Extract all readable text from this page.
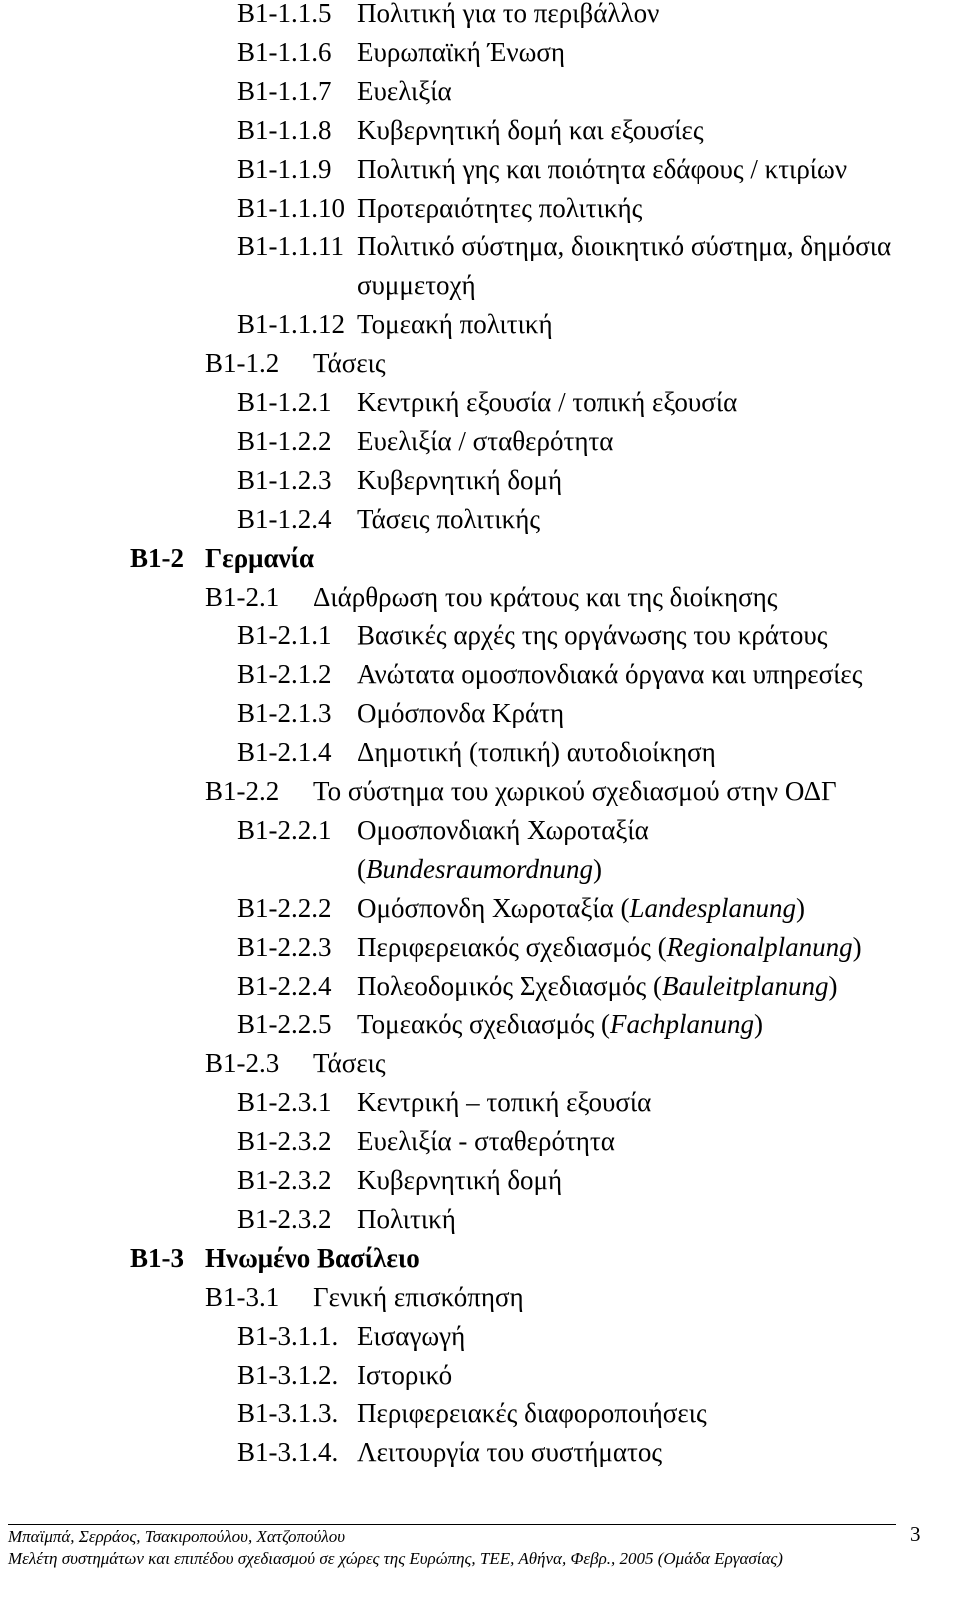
B1-1.1.5 Πολιτική για το περιβάλλον
B1-1.1.6 Ευρωπαϊκή Ένωση
B1-1.1.7 Ευελιξία
B1-1.1.8 Κυβερνητική δομή και εξουσίες
B1-1.1.9 Πολιτική γης και ποιότητα εδάφους / κτιρίων
B1-1.1.10 Προτεραιότητες πολιτικής
B1-1.1.11 Πολιτικό σύστημα, διοικητικό σύστημα, δημόσια
συμμετοχή
B1-1.1.12 Τομεακή πολιτική
B1-1.2 Τάσεις
B1-1.2.1 Κεντρική εξουσία / τοπική εξουσία
B1-1.2.2 Ευελιξία / σταθερότητα
B1-1.2.3 Κυβερνητική δομή
B1-1.2.4 Τάσεις πολιτικής
B1-2 Γερμανία
B1-2.1 Διάρθρωση του κράτους και της διοίκησης
B1-2.1.1 Βασικές αρχές της οργάνωσης του κράτους
B1-2.1.2 Ανώτατα ομοσπονδιακά όργανα και υπηρεσίες
B1-2.1.3 Ομόσπονδα Κράτη
B1-2.1.4 Δημοτική (τοπική) αυτοδιοίκηση
B1-2.2 Το σύστημα του χωρικού σχεδιασμού στην ΟΔΓ
B1-2.2.1 Ομοσπονδιακή Χωροταξία
(Bundesraumordnung)
B1-2.2.2 Ομόσπονδη Χωροταξία (Landesplanung)
B1-2.2.3 Περιφερειακός σχεδιασμός (Regionalplanung)
B1-2.2.4 Πολεοδομικός Σχεδιασμός (Bauleitplanung)
B1-2.2.5 Τομεακός σχεδιασμός (Fachplanung)
B1-2.3 Τάσεις
B1-2.3.1 Κεντρική – τοπική εξουσία
B1-2.3.2 Ευελιξία - σταθερότητα
B1-2.3.2 Κυβερνητική δομή
B1-2.3.2 Πολιτική
B1-3 Ηνωμένο Βασίλειο
B1-3.1 Γενική επισκόπηση
B1-3.1.1. Εισαγωγή
B1-3.1.2. Ιστορικό
B1-3.1.3. Περιφερειακές διαφοροποιήσεις
B1-3.1.4. Λειτουργία του συστήματος
Μπαϊμπά, Σερράος, Τσακιροπούλου, Χατζοπούλου
Μελέτη συστημάτων και επιπέδου σχεδιασμού σε χώρες της Ευρώπης, ΤΕΕ, Αθήνα, Φεβρ., 2005 (Ομάδα Εργασίας)
3
